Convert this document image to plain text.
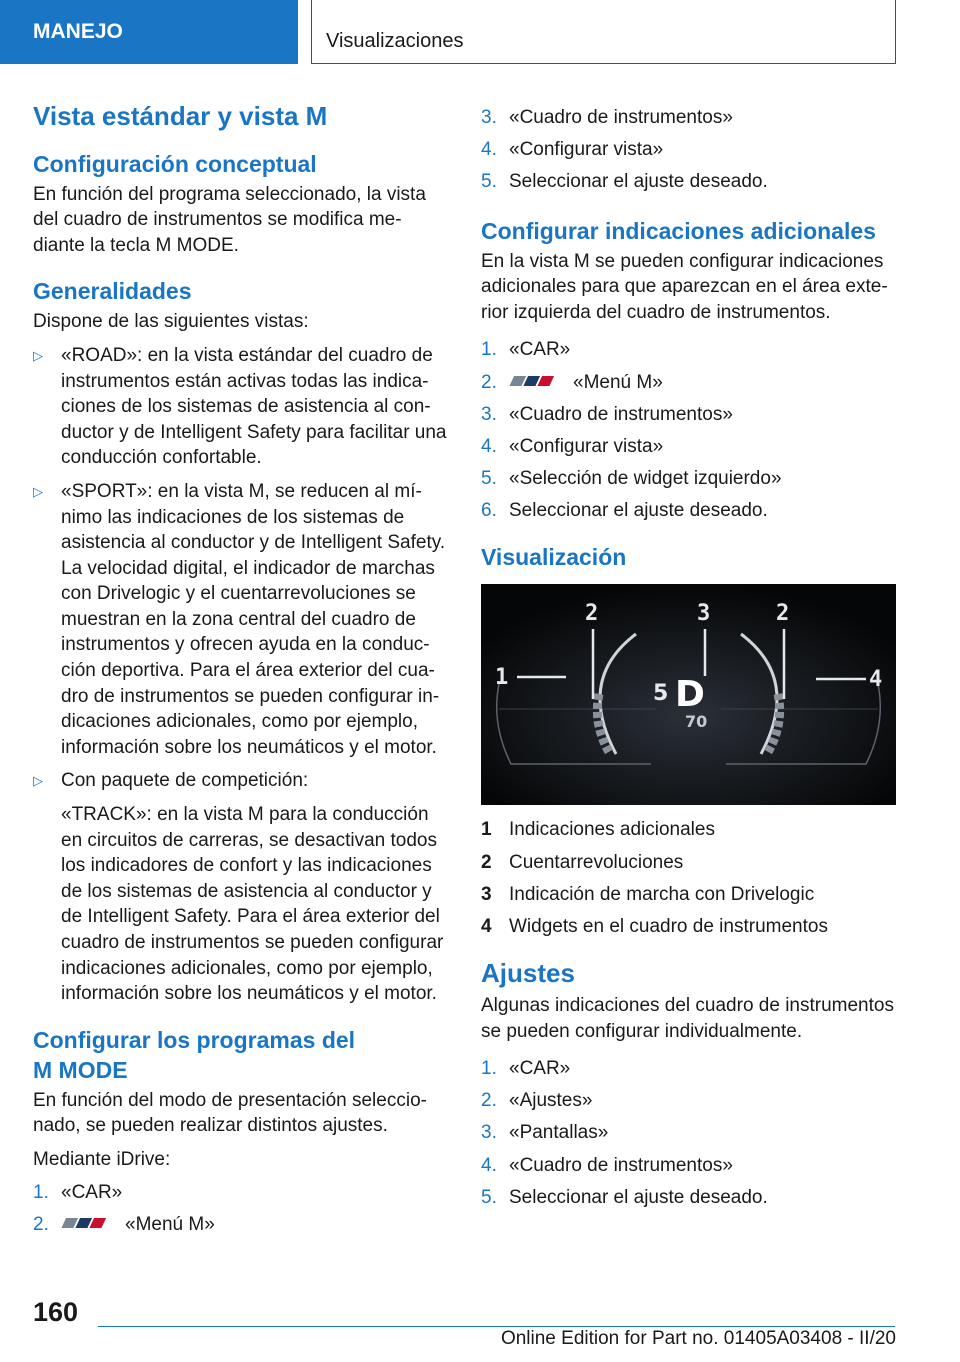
MANEJO	Visualizaciones
Vista estándar y vista M
Configuración conceptual

En función del programa seleccionado, la vista del cuadro de instrumentos se modifica me-diante la tecla M MODE.

Generalidades

Dispone de las siguientes vistas:

▷ «ROAD»: en la vista estándar del cuadro de instrumentos están activas todas las indica-ciones de los sistemas de asistencia al con-ductor y de Intelligent Safety para facilitar una conducción confortable.

▷ «SPORT»: en la vista M, se reducen al mí-nimo las indicaciones de los sistemas de asistencia al conductor y de Intelligent Safety. La velocidad digital, el indicador de marchas con Drivelogic y el cuentarrevoluciones se muestran en la zona central del cuadro de instrumentos y ofrecen ayuda en la conduc-ción deportiva. Para el área exterior del cua-dro de instrumentos se pueden configurar in-dicaciones adicionales, como por ejemplo, información sobre los neumáticos y el motor.

▷ Con paquete de competición:

«TRACK»: en la vista M para la conducción en circuitos de carreras, se desactivan todos los indicadores de confort y las indicaciones de los sistemas de asistencia al conductor y de Intelligent Safety. Para el área exterior del cuadro de instrumentos se pueden configurar indicaciones adicionales, como por ejemplo, información sobre los neumáticos y el motor.

Configurar los programas del
M MODE

En función del modo de presentación seleccio-nado, se pueden realizar distintos ajustes.

Mediante iDrive:

1. «CAR»
2.	«Menú M»
3. «Cuadro de instrumentos»
4. «Configurar vista»
5. Seleccionar el ajuste deseado.
Configurar indicaciones adicionales

En la vista M se pueden configurar indicaciones adicionales para que aparezcan en el área exte-rior izquierda del cuadro de instrumentos.

1. «CAR»
2.	«Menú M»
3. «Cuadro de instrumentos»
4. «Configurar vista»
5. «Selección de widget izquierdo»
6. Seleccionar el ajuste deseado.
Visualización
2	3	2
1	4
5 D
70
1 Indicaciones adicionales
2 Cuentarrevoluciones
3 Indicación de marcha con Drivelogic
4 Widgets en el cuadro de instrumentos
Ajustes

Algunas indicaciones del cuadro de instrumentos se pueden configurar individualmente.

1. «CAR»
2. «Ajustes»
3. «Pantallas»
4. «Cuadro de instrumentos»
5. Seleccionar el ajuste deseado.
160
Online Edition for Part no. 01405A03408 - II/20
